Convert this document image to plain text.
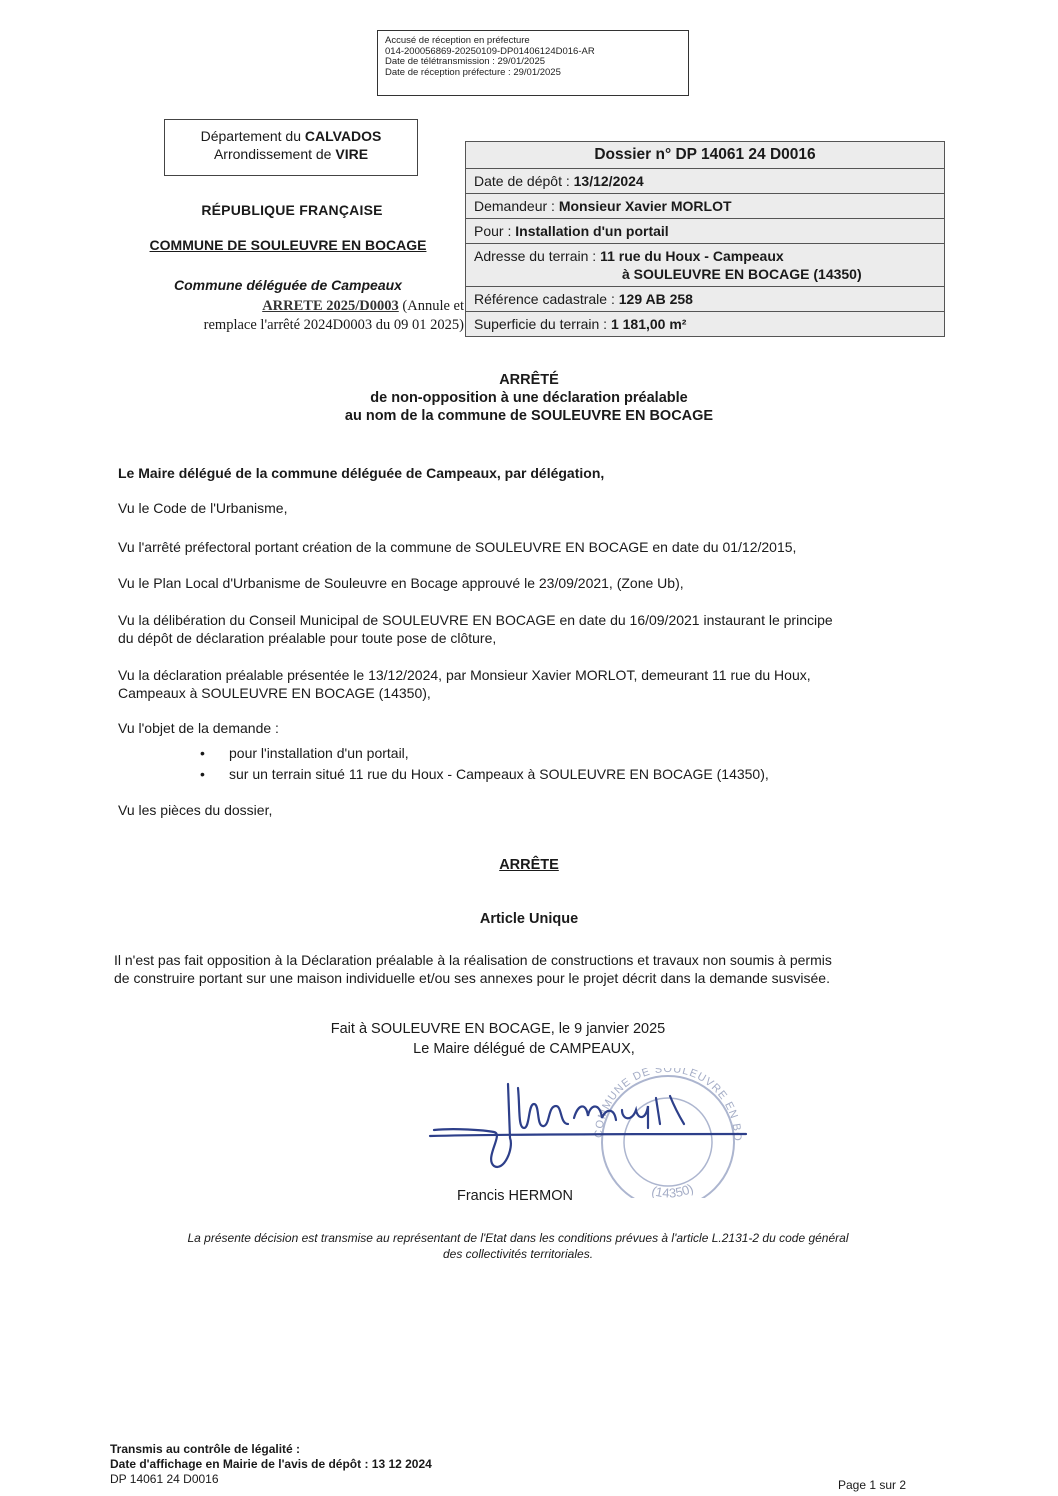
Accusé de réception en préfecture
014-200056869-20250109-DP01406124D016-AR
Date de télétransmission : 29/01/2025
Date de réception préfecture : 29/01/2025
Département du CALVADOS
Arrondissement de VIRE
RÉPUBLIQUE FRANÇAISE
COMMUNE DE SOULEUVRE EN BOCAGE
Commune déléguée de Campeaux
ARRETE 2025/D0003 (Annule et
remplace l'arrêté 2024D0003 du 09 01 2025)
Dossier n° DP 14061 24 D0016
Date de dépôt : 13/12/2024
Demandeur : Monsieur Xavier MORLOT
Pour : Installation d'un portail
Adresse du terrain : 11 rue du Houx - Campeaux
à SOULEUVRE EN BOCAGE (14350)
Référence cadastrale : 129 AB 258
Superficie du terrain : 1 181,00 m²
ARRÊTÉ
de non-opposition à une déclaration préalable
au nom de la commune de SOULEUVRE EN BOCAGE
Le Maire délégué de la commune déléguée de Campeaux, par délégation,
Vu le Code de l'Urbanisme,
Vu l'arrêté préfectoral portant création de la commune de SOULEUVRE EN BOCAGE en date du 01/12/2015,
Vu le Plan Local d'Urbanisme de Souleuvre en Bocage approuvé le 23/09/2021, (Zone Ub),
Vu la délibération du Conseil Municipal de SOULEUVRE EN BOCAGE en date du 16/09/2021 instaurant le principe
du dépôt de déclaration préalable pour toute pose de clôture,
Vu la déclaration préalable présentée le 13/12/2024, par Monsieur Xavier MORLOT, demeurant 11 rue du Houx,
Campeaux à SOULEUVRE EN BOCAGE (14350),
Vu l'objet de la demande :
• pour l'installation d'un portail,
• sur un terrain situé 11 rue du Houx - Campeaux à SOULEUVRE EN BOCAGE (14350),
Vu les pièces du dossier,
ARRÊTE
Article Unique
Il n'est pas fait opposition à la Déclaration préalable à la réalisation de constructions et travaux non soumis à permis
de construire portant sur une maison individuelle et/ou ses annexes pour le projet décrit dans la demande susvisée.
Fait à SOULEUVRE EN BOCAGE, le 9 janvier 2025
Le Maire délégué de CAMPEAUX,
COMMUNE DE SOULEUVRE EN BO
(14350)
Francis HERMON
La présente décision est transmise au représentant de l'Etat dans les conditions prévues à l'article L.2131-2 du code général
des collectivités territoriales.
Transmis au contrôle de légalité :
Date d'affichage en Mairie de l'avis de dépôt : 13 12 2024
DP 14061 24 D0016	Page 1 sur 2
